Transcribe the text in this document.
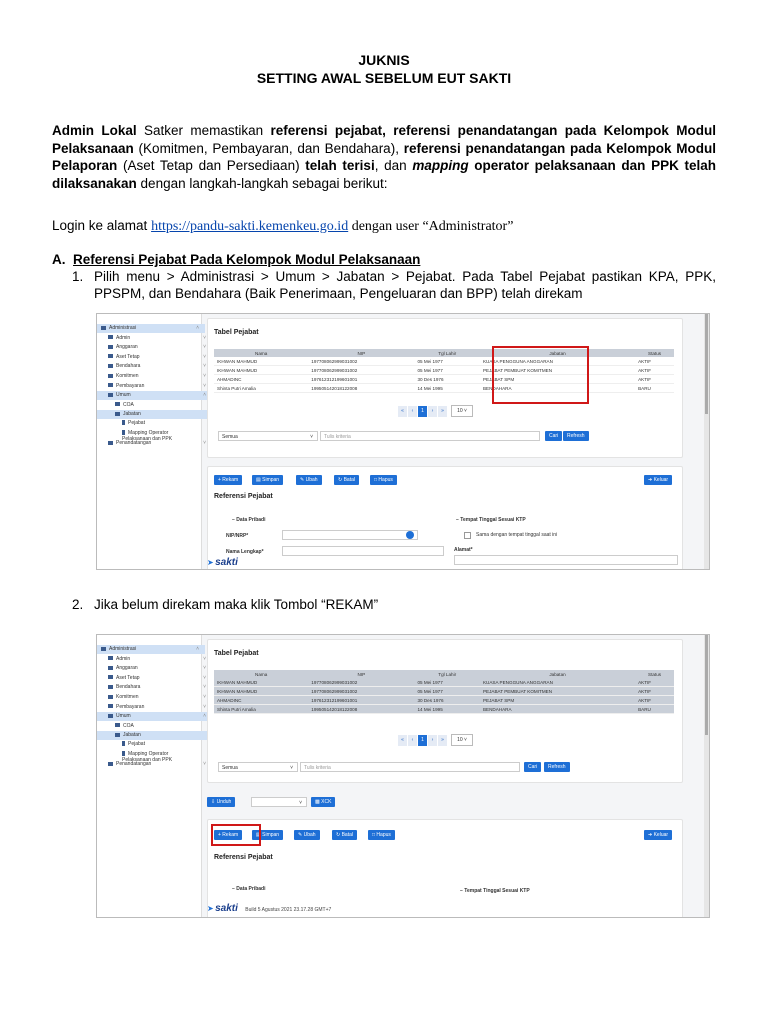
JUKNIS
SETTING AWAL SEBELUM EUT SAKTI
Admin Lokal Satker memastikan referensi pejabat, referensi penandatangan pada Kelompok Modul Pelaksanaan (Komitmen, Pembayaran, dan Bendahara), referensi penandatangan pada Kelompok Modul Pelaporan (Aset Tetap dan Persediaan) telah terisi, dan mapping operator pelaksanaan dan PPK telah dilaksanakan dengan langkah-langkah sebagai berikut:
Login ke alamat https://pandu-sakti.kemenkeu.go.id dengan user “Administrator”
A. Referensi Pejabat Pada Kelompok Modul Pelaksanaan
1. Pilih menu > Administrasi > Umum > Jabatan > Pejabat. Pada Tabel Pejabat pastikan KPA, PPK, PPSPM, dan Bendahara (Baik Penerimaan, Pengeluaran dan BPP) telah direkam
Administrasi	˄
Admin	˅
Anggaran	˅
Aset Tetap	˅
Bendahara	˅
Komitmen	˅
Pembayaran	˅
Umum	˄
COA
Jabatan
Pejabat
Mapping Operator Pelaksanaan dan PPK
Penandatangan	˅
Tabel Pejabat
Nama	NIP	Tgl Lahir	Jabatan	Status
IKHWAN MAHMUD	197708062999031002	05 Mei 1977	KUASA PENGGUNA ANGGARAN	AKTIF
IKHWAN MAHMUD	197708062999031002	05 Mei 1977	PEJABAT PEMBUAT KOMITMEN	AKTIF
AHMADINC	197612312199601001	30 Des 1976	PEJABAT SPM	AKTIF
Shinta Putri Amalia	199505142018122008	14 Mei 1995	BENDAHARA	BARU
« ‹ 1 › »	10 ˅
Semua	˅	Tulis kriteria	Cari	Refresh
+ Rekam	▤ Simpan	✎ Ubah	↻ Batal	□ Hapus	➜ Keluar
Referensi Pejabat
− Data Pribadi
NIP/NRP*
Nama Lengkap*
− Tempat Tinggal Sesuai KTP
Sama dengan tempat tinggal saat ini
Alamat*
➤ sakti
2. Jika belum direkam maka klik Tombol “REKAM”
Administrasi	˄
Admin	˅
Anggaran	˅
Aset Tetap	˅
Bendahara	˅
Komitmen	˅
Pembayaran	˅
Umum	˄
COA
Jabatan
Pejabat
Mapping Operator Pelaksanaan dan PPK
Penandatangan	˅
Tabel Pejabat
Nama	NIP	Tgl Lahir	Jabatan	Status
IKHWAN MAHMUD	197708062999031002	05 Mei 1977	KUASA PENGGUNA ANGGARAN	AKTIF
IKHWAN MAHMUD	197708062999031002	05 Mei 1977	PEJABAT PEMBUAT KOMITMEN	AKTIF
AHMADINC	197612312199601001	30 Des 1976	PEJABAT SPM	AKTIF
Shinta Putri Amalia	199505142018122008	14 Mei 1995	BENDAHARA	BARU
« ‹ 1 › »	10 ˅
Semua	˅	Tulis kriteria	Cari	Refresh
⇩ Unduh	˅	▩ XCK
+ Rekam	▤ Simpan	✎ Ubah	↻ Batal	□ Hapus	➜ Keluar
Referensi Pejabat
− Data Pribadi	− Tempat Tinggal Sesuai KTP
➤ sakti Build 5 Agustus 2021 23.17.28 GMT+7
